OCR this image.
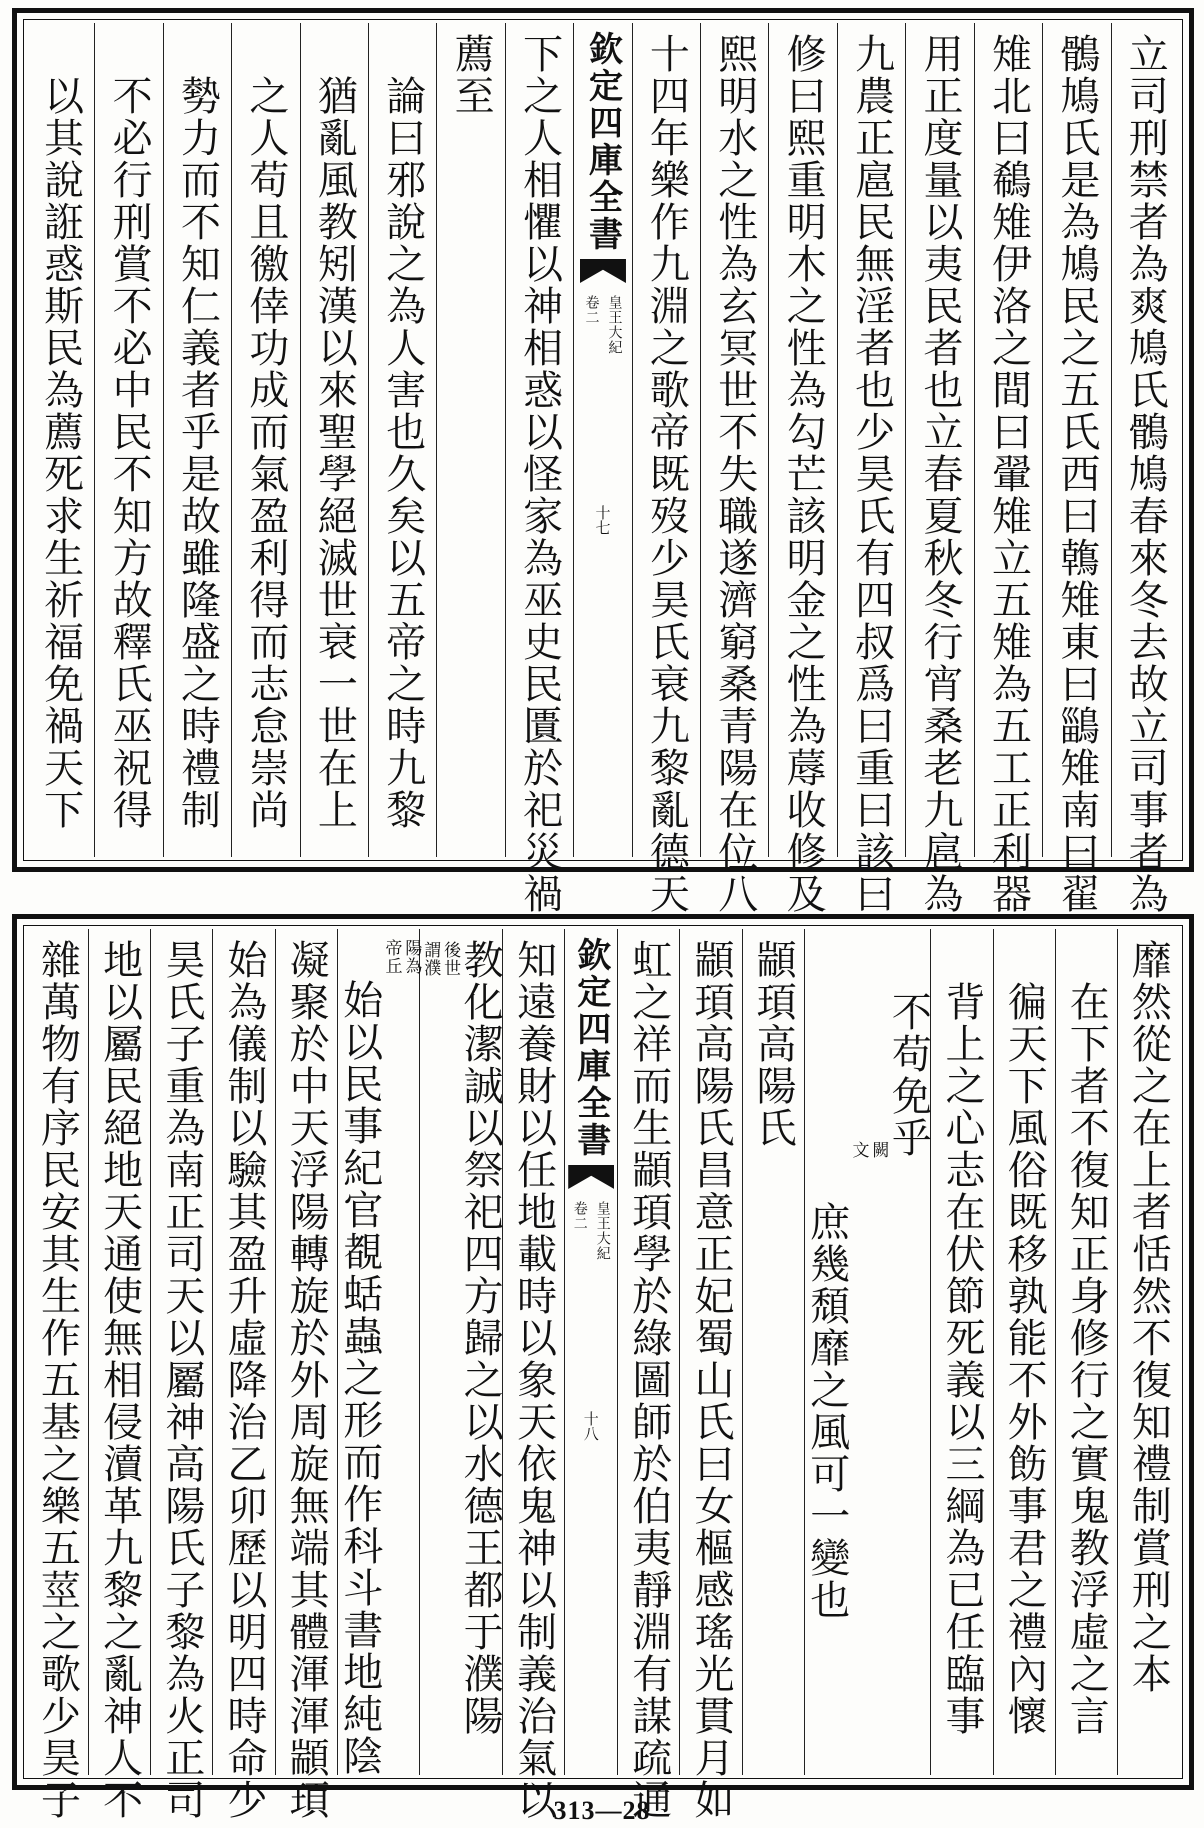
立司刑禁者為爽鳩氏鶻鳩春來冬去故立司事者為
鶻鳩氏是為鳩民之五氏西曰鶾雉東曰鶅雉南曰翟
雉北曰鵗雉伊洛之間曰翬雉立五雉為五工正利器
用正度量以夷民者也立春夏秋冬行宵桑老九扈為
九農正扈民無淫者也少昊氏有四叔爲曰重曰該曰
修曰熙重明木之性為勾芒該明金之性為蓐收修及
熙明水之性為玄冥世不失職遂濟窮桑青陽在位八
十四年樂作九淵之歌帝既歿少昊氏衰九黎亂德天
欽定四庫全書
皇王大紀
卷二
十七
下之人相懼以神相惑以怪家為巫史民匱於祀災禍
薦至
論曰邪說之為人害也久矣以五帝之時九黎
猶亂風教矧漢以來聖學絕滅世衰一世在上
之人苟且徼倖功成而氣盈利得而志怠崇尚
勢力而不知仁義者乎是故雖隆盛之時禮制
不必行刑賞不必中民不知方故釋氏巫祝得
以其說誑惑斯民為薦死求生祈福免禍天下
靡然從之在上者恬然不復知禮制賞刑之本
在下者不復知正身修行之實鬼教浮虛之言
徧天下風俗既移孰能不外飭事君之禮內懷
背上之心志在伏節死義以三綱為已任臨事
不苟免乎
闕
文
庶幾頹靡之風可一變也
顓頊高陽氏
顓頊高陽氏昌意正妃蜀山氏曰女樞感瑤光貫月如
虹之祥而生顓頊學於綠圖師於伯夷靜淵有謀疏通
欽定四庫全書
皇王大紀
卷二
十八
知遠養財以任地載時以象天依鬼神以制義治氣以
教化潔誠以祭祀四方歸之以水德王都于濮陽
後世
謂濮
陽為
帝丘
始以民事紀官覩蛞蟲之形而作科斗書地純陰
凝聚於中天浮陽轉旋於外周旋無端其體渾渾顓頊
始為儀制以驗其盈升虛降治乙卯歷以明四時命少
昊氏子重為南正司天以屬神高陽氏子黎為火正司
地以屬民絕地天通使無相侵瀆革九黎之亂神人不
雜萬物有序民安其生作五基之樂五莖之歌少昊子	313—28
